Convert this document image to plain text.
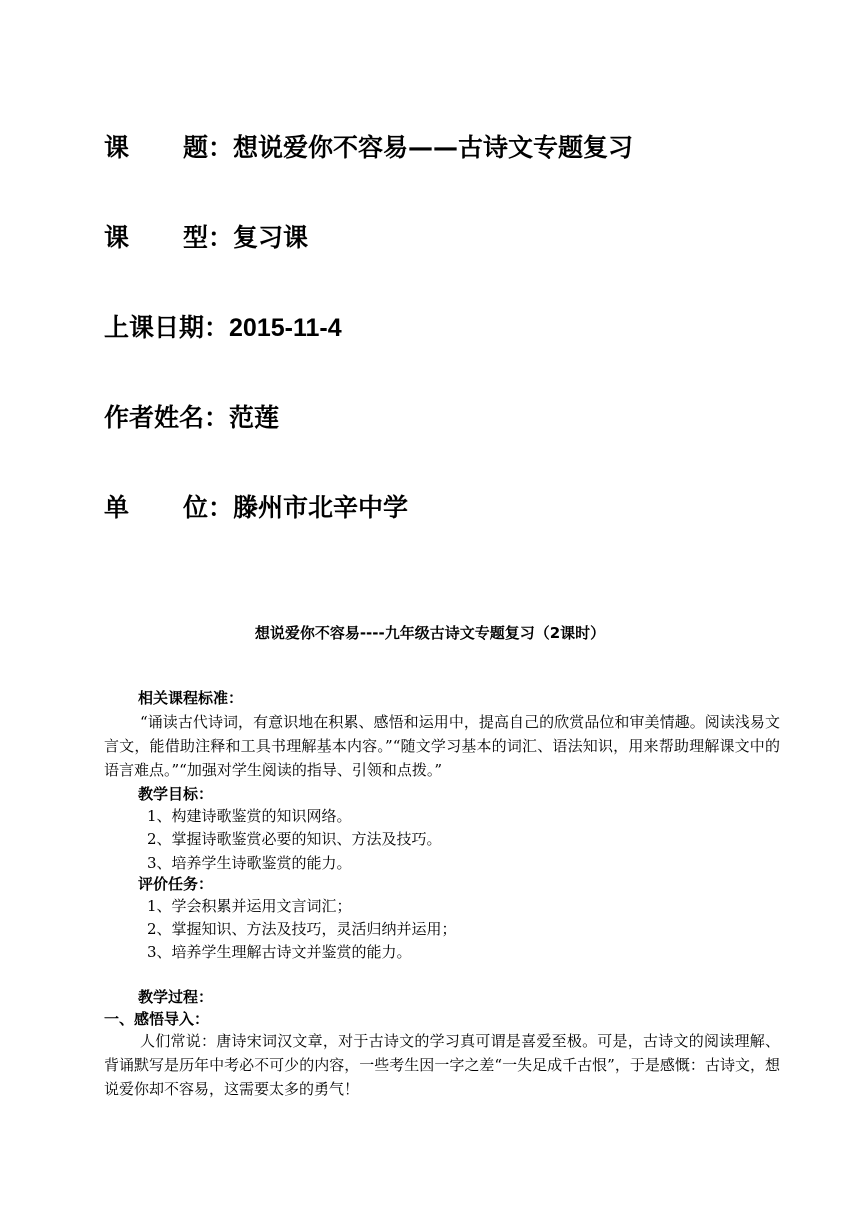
课 题 ：想说爱你不容易——古诗文专题复习
课 型 ：复习课
上课日期：2015-11-4
作者姓名：范莲
单 位 ：滕州市北辛中学
想说爱你不容易----九年级古诗文专题复习（2课时）
相关课程标准：
“诵读古代诗词，有意识地在积累、感悟和运用中，提高自己的欣赏品位和审美情趣。阅读浅易文言文，能借助注释和工具书理解基本内容。”“随文学习基本的词汇、语法知识，用来帮助理解课文中的语言难点。”“加强对学生阅读的指导、引领和点拨。”
教学目标：
1、构建诗歌鉴赏的知识网络。
2、掌握诗歌鉴赏必要的知识、方法及技巧。
3、培养学生诗歌鉴赏的能力。
评价任务：
1、学会积累并运用文言词汇；
2、掌握知识、方法及技巧，灵活归纳并运用；
3、培养学生理解古诗文并鉴赏的能力。
教学过程：
一、感悟导入：
人们常说：唐诗宋词汉文章，对于古诗文的学习真可谓是喜爱至极。可是，古诗文的阅读理解、背诵默写是历年中考必不可少的内容，一些考生因一字之差“一失足成千古恨”，于是感慨：古诗文，想说爱你却不容易，这需要太多的勇气！
